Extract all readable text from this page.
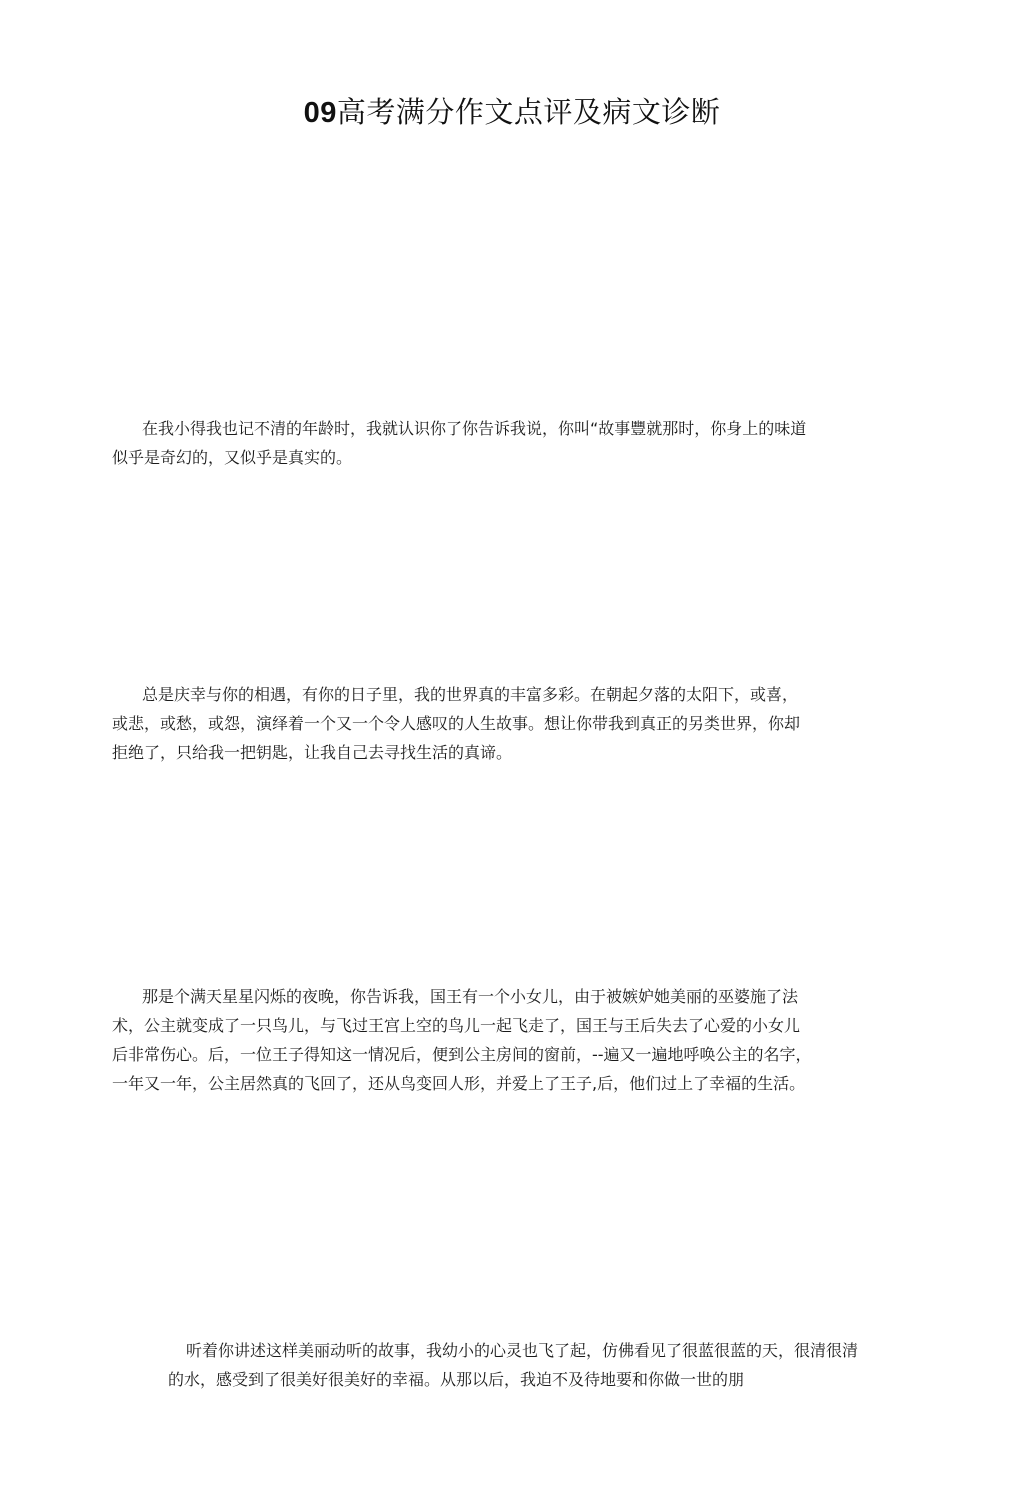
09高考满分作文点评及病文诊断

在我小得我也记不清的年龄时，我就认识你了你告诉我说，你叫“故事豐就那时，你身上的味道似乎是奇幻的，又似乎是真实的。

总是庆幸与你的相遇，有你的日子里，我的世界真的丰富多彩。在朝起夕落的太阳下，或喜，或悲，或愁，或怨，演绎着一个又一个令人感叹的人生故事。想让你带我到真正的另类世界，你却拒绝了，只给我一把钥匙，让我自己去寻找生活的真谛。

那是个满天星星闪烁的夜晚，你告诉我，国王有一个小女儿，由于被嫉妒她美丽的巫婆施了法术，公主就变成了一只鸟儿，与飞过王宫上空的鸟儿一起飞走了，国王与王后失去了心爱的小女儿后非常伤心。后，一位王子得知这一情况后，便到公主房间的窗前，--遍又一遍地呼唤公主的名字，一年又一年，公主居然真的飞回了，还从鸟变回人形，并爱上了王子,后，他们过上了幸福的生活。

听着你讲述这样美丽动听的故事，我幼小的心灵也飞了起，仿佛看见了很蓝很蓝的天，很清很清的水，感受到了很美好很美好的幸福。从那以后，我迫不及待地要和你做一世的朋
